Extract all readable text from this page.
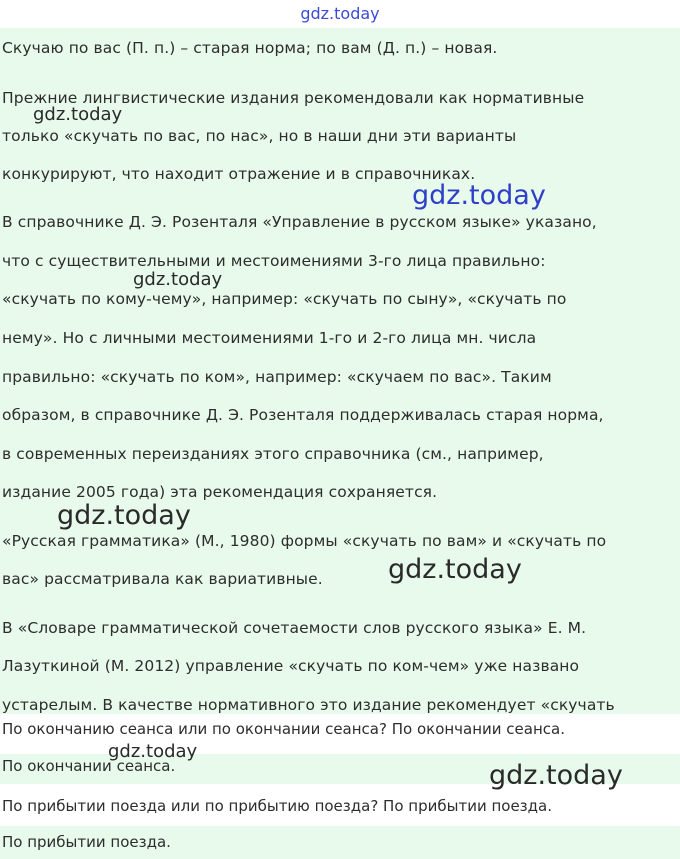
gdz.today
Скучаю по вас (П. п.) – старая норма; по вам (Д. п.) – новая.
Прежние лингвистические издания рекомендовали как нормативные
только «скучать по вас, по нас», но в наши дни эти варианты
конкурируют, что находит отражение и в справочниках.
В справочнике Д. Э. Розенталя «Управление в русском языке» указано,
что с существительными и местоимениями 3-го лица правильно:
«скучать по кому-чему», например: «скучать по сыну», «скучать по
нему». Но с личными местоимениями 1-го и 2-го лица мн. числа
правильно: «скучать по ком», например: «скучаем по вас». Таким
образом, в справочнике Д. Э. Розенталя поддерживалась старая норма,
в современных переизданиях этого справочника (см., например,
издание 2005 года) эта рекомендация сохраняется.
«Русская грамматика» (М., 1980) формы «скучать по вам» и «скучать по
вас» рассматривала как вариативные.
В «Словаре грамматической сочетаемости слов русского языка» Е. М.
Лазуткиной (М. 2012) управление «скучать по ком-чем» уже названо
устарелым. В качестве нормативного это издание рекомендует «скучать
По окончанию сеанса или по окончании сеанса? По окончании сеанса.
По окончании сеанса.
По прибытии поезда или по прибытию поезда? По прибытии поезда.
По прибытии поезда.
gdz.today
gdz.today
gdz.today
gdz.today
gdz.today
gdz.today
gdz.today
